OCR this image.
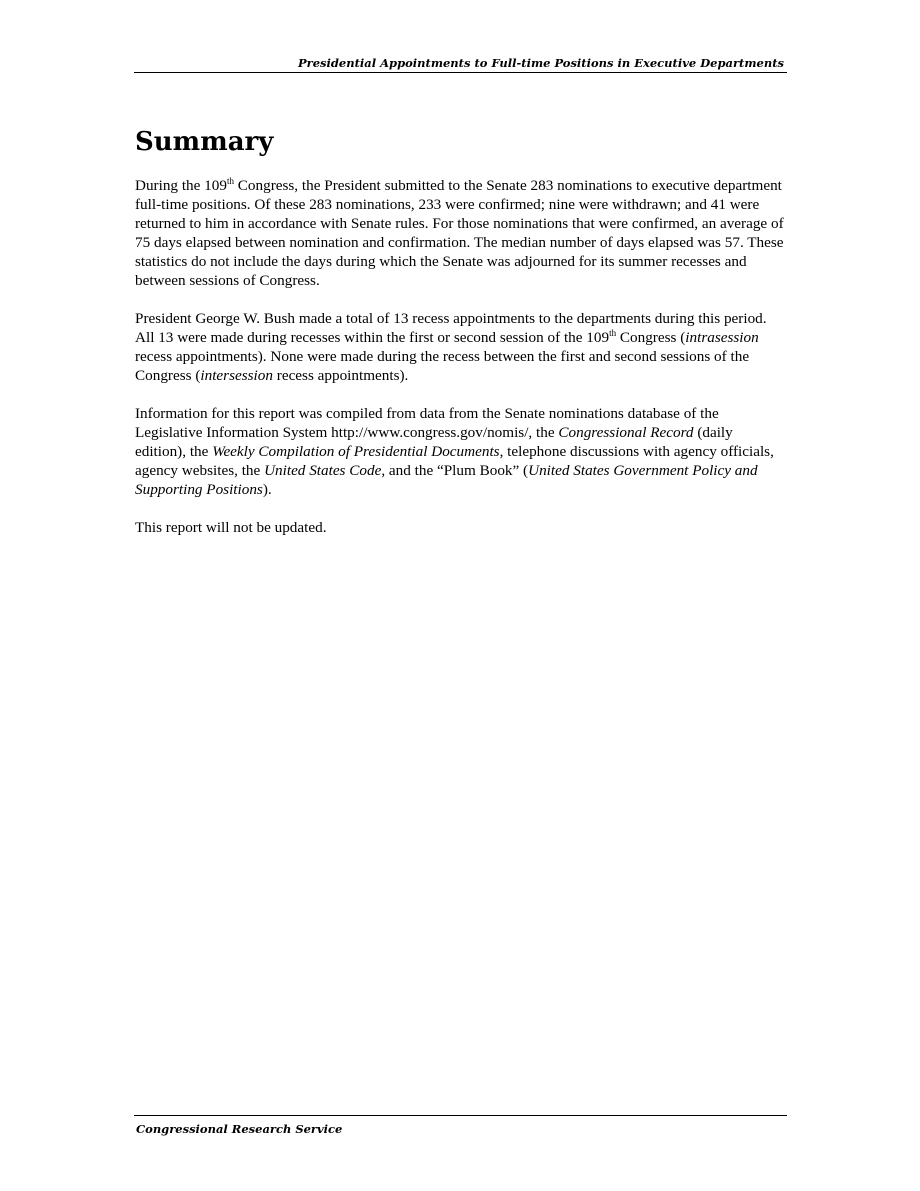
Presidential Appointments to Full-time Positions in Executive Departments
Summary

During the 109th Congress, the President submitted to the Senate 283 nominations to executive department full-time positions. Of these 283 nominations, 233 were confirmed; nine were withdrawn; and 41 were returned to him in accordance with Senate rules. For those nominations that were confirmed, an average of 75 days elapsed between nomination and confirmation. The median number of days elapsed was 57. These statistics do not include the days during which the Senate was adjourned for its summer recesses and between sessions of Congress.

President George W. Bush made a total of 13 recess appointments to the departments during this period. All 13 were made during recesses within the first or second session of the 109th Congress (intrasession recess appointments). None were made during the recess between the first and second sessions of the Congress (intersession recess appointments).

Information for this report was compiled from data from the Senate nominations database of the Legislative Information System http://www.congress.gov/nomis/, the Congressional Record (daily edition), the Weekly Compilation of Presidential Documents, telephone discussions with agency officials, agency websites, the United States Code, and the “Plum Book” (United States Government Policy and Supporting Positions).

This report will not be updated.

Congressional Research Service
